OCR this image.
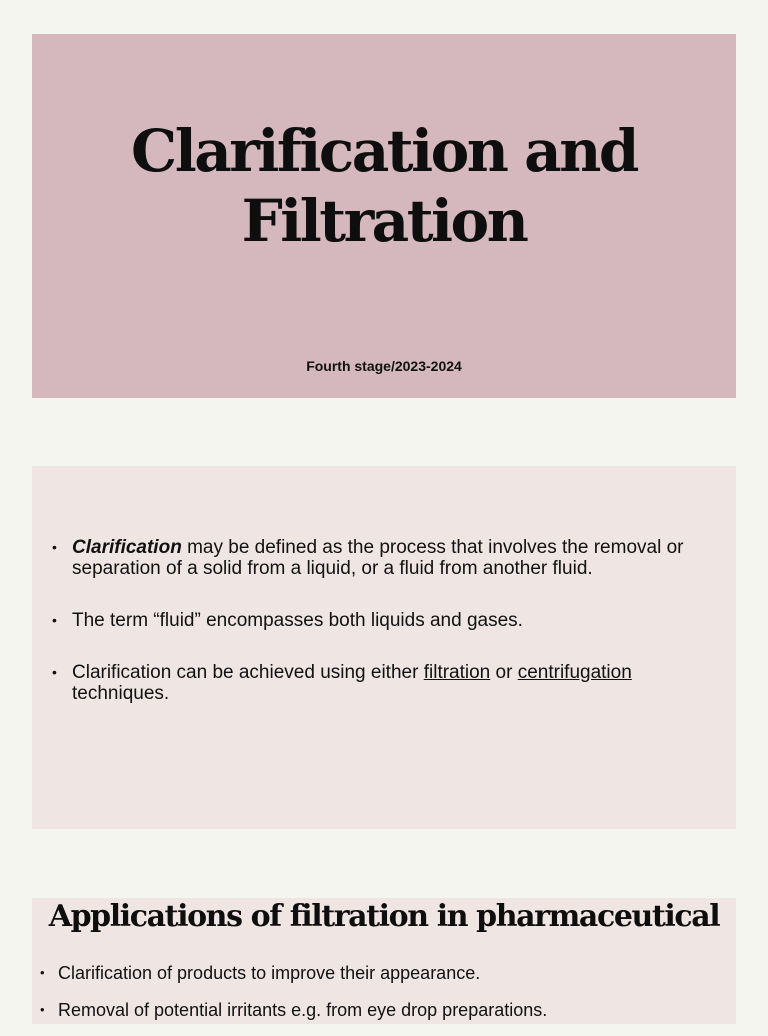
Clarification and
Filtration
Fourth stage/2023-2024
• Clarification may be defined as the process that involves the removal or separation of a solid from a liquid, or a fluid from another fluid.
• The term “fluid” encompasses both liquids and gases.
• Clarification can be achieved using either filtration or centrifugation techniques.
Applications of filtration in pharmaceutical
• Clarification of products to improve their appearance.
• Removal of potential irritants e.g. from eye drop preparations.
